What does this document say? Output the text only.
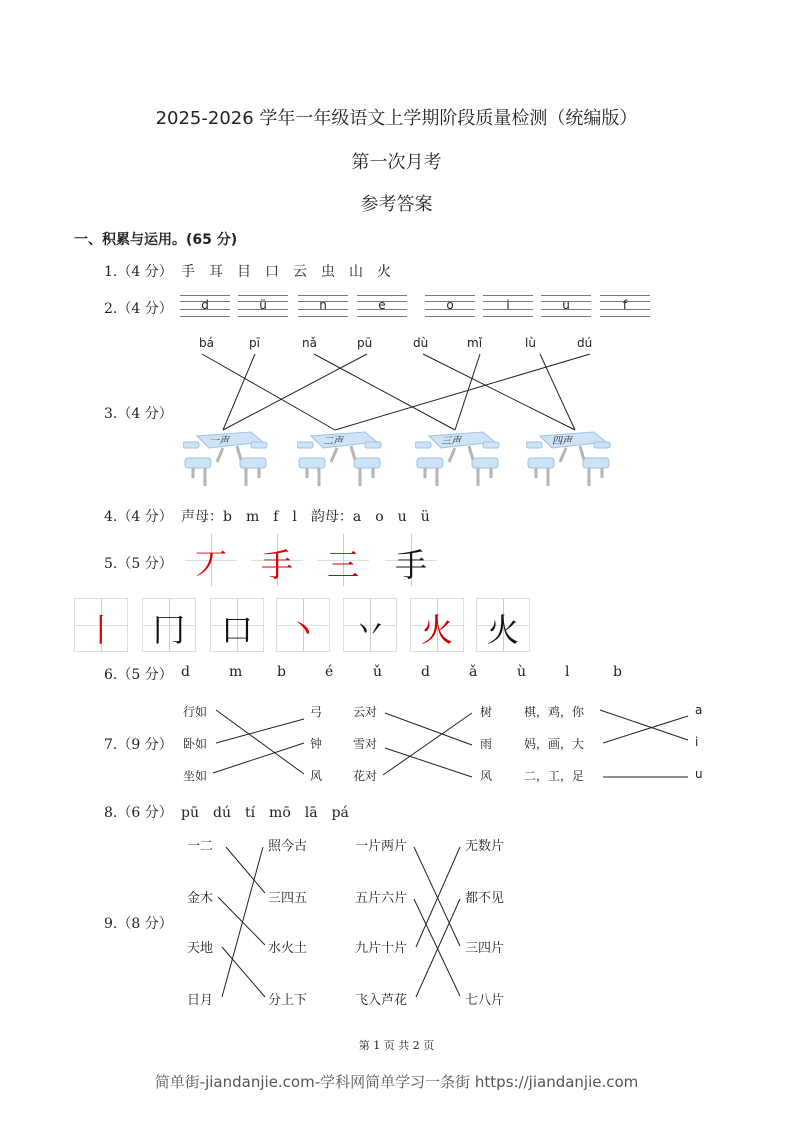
2025-2026 学年一年级语文上学期阶段质量检测（统编版）
第一次月考
参考答案
一、积累与运用。(65 分)
1.（4 分） 手　耳　目　口　云　虫　山　火
2.（4 分）	d	ü	n	e	o	i	u	f
3.（4 分）
bá	pī	nǎ	pū	dù	mǐ	lù	dú
一声	二声	三声	四声
4.（4 分） 声母：b　m　f　l　韵母：a　o　u　ü
5.（5 分） 丆	手	三	手
丨	冂	口	丶	丷	火	火
6.（5 分） d	m b	é	ǔ	d	ǎ	ù	l	b
7.（9 分）
行如	弓	云对	树	棋，鸡，你	a
卧如	钟	雪对	雨	妈，画，大	i
坐如	风	花对	风	二，工，足	u
8.（6 分） pū　dú　tí　mō　lā　pá
9.（8 分）
一二	照今古	一片两片	无数片
金木	三四五	五片六片	都不见
天地	水火土	九片十片	三四片
日月	分上下	飞入芦花	七八片
第 1 页 共 2 页
简单街-jiandanjie.com-学科网简单学习一条街 https://jiandanjie.com
